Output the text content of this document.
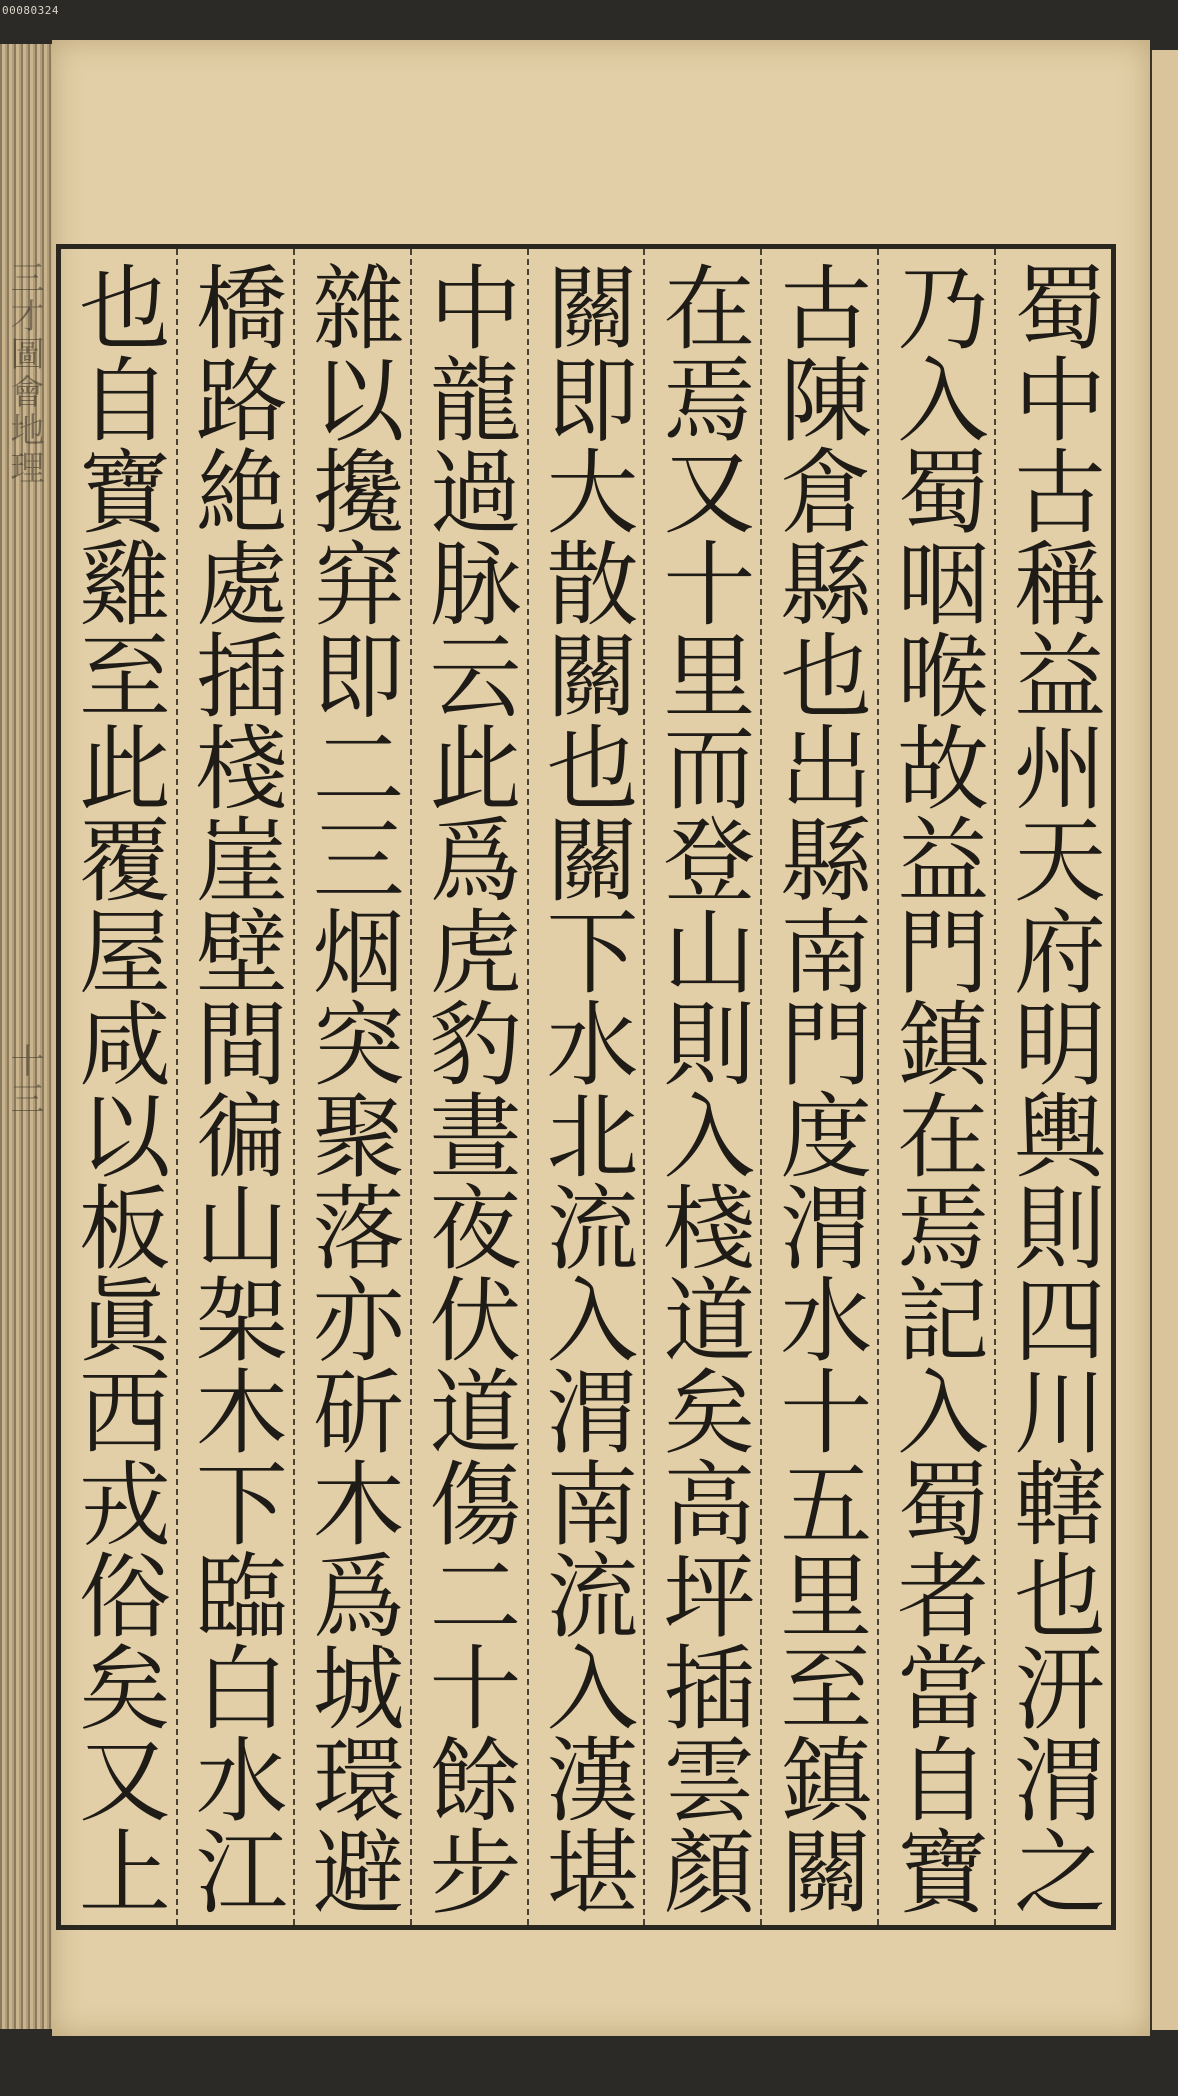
00080324
三才圖會地理 十三
蜀中古稱益州天府明輿則四川轄也汧渭之
乃入蜀咽喉故益門鎮在焉記入蜀者當自寶
古陳倉縣也出縣南門度渭水十五里至鎮關
在焉又十里而登山則入棧道矣高坪插雲顏
關即大散關也關下水北流入渭南流入漢堪
中龍過脉云此爲虎豹晝夜伏道傷二十餘步
雜以攙穽即二三烟突聚落亦斫木爲城環避
橋路絶處插棧崖壁間徧山架木下臨白水江
也自寶雞至此覆屋咸以板眞西戎俗矣又上
